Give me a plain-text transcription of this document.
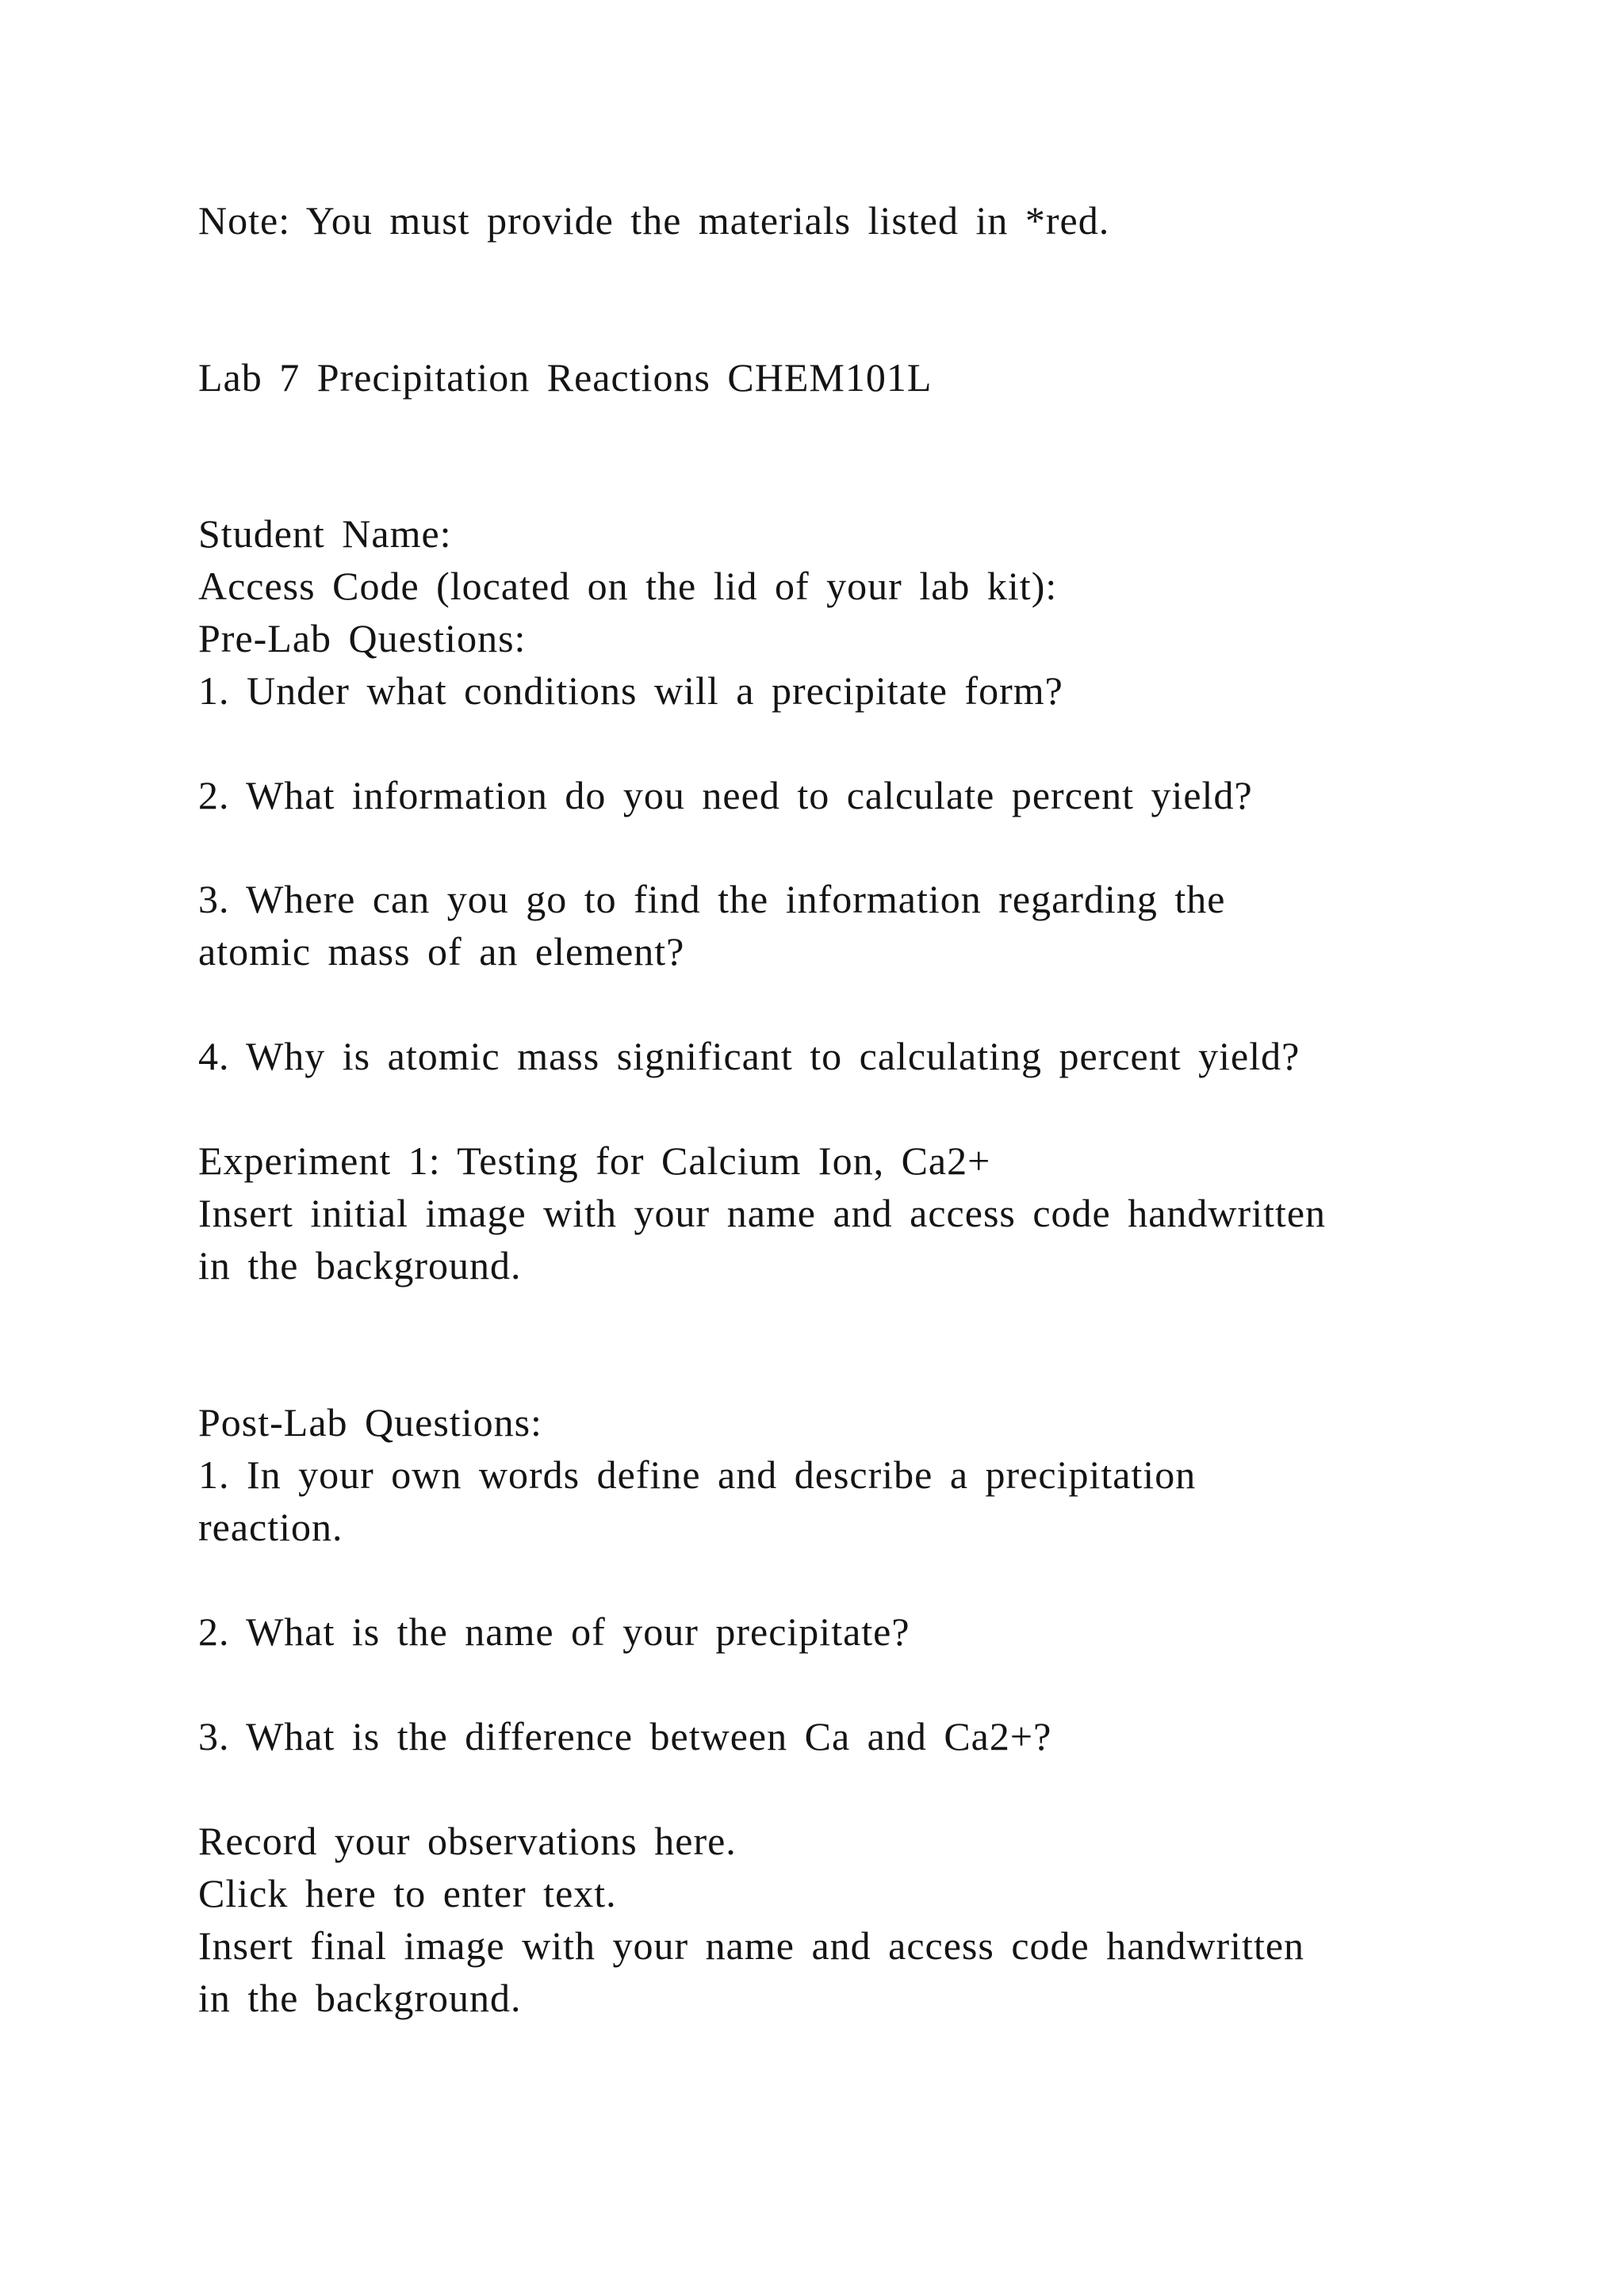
Note: You must provide the materials listed in *red.

Lab 7 Precipitation Reactions CHEM101L

Student Name:

Access Code (located on the lid of your lab kit):

Pre-Lab Questions:

1. Under what conditions will a precipitate form?

2. What information do you need to calculate percent yield?

3. Where can you go to find the information regarding the

atomic mass of an element?

4. Why is atomic mass significant to calculating percent yield?

Experiment 1: Testing for Calcium Ion, Ca2+

Insert initial image with your name and access code handwritten

in the background.

Post-Lab Questions:

1. In your own words define and describe a precipitation

reaction.

2. What is the name of your precipitate?

3. What is the difference between Ca and Ca2+?

Record your observations here.

Click here to enter text.

Insert final image with your name and access code handwritten

in the background.
